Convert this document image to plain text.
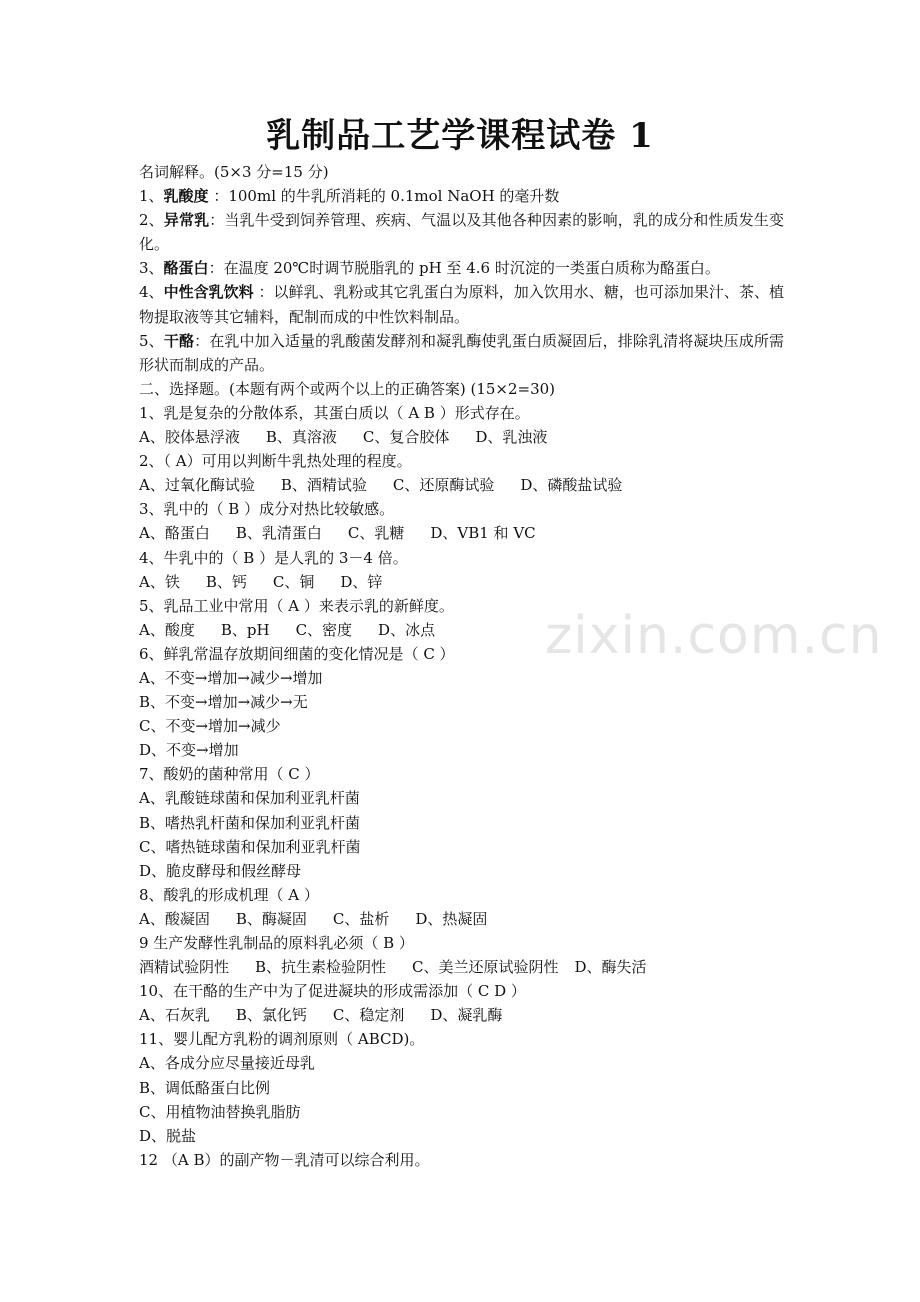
乳制品工艺学课程试卷 1
名词解释。(5×3 分=15 分)
1、乳酸度 ：100ml 的牛乳所消耗的 0.1mol NaOH 的毫升数
2、异常乳：当乳牛受到饲养管理、疾病、气温以及其他各种因素的影响，乳的成分和性质发生变化。
3、酪蛋白：在温度 20℃时调节脱脂乳的 pH 至 4.6 时沉淀的一类蛋白质称为酪蛋白。
4、中性含乳饮料 ：以鲜乳、乳粉或其它乳蛋白为原料，加入饮用水、糖，也可添加果汁、茶、植物提取液等其它辅料，配制而成的中性饮料制品。
5、干酪：在乳中加入适量的乳酸菌发酵剂和凝乳酶使乳蛋白质凝固后，排除乳清将凝块压成所需形状而制成的产品。
二、选择题。(本题有两个或两个以上的正确答案) (15×2=30)
1、乳是复杂的分散体系，其蛋白质以（ A B ）形式存在。
A、胶体悬浮液 B、真溶液 C、复合胶体 D、乳浊液
2、（ A）可用以判断牛乳热处理的程度。
A、过氧化酶试验 B、酒精试验 C、还原酶试验 D、磷酸盐试验
3、乳中的（ B ）成分对热比较敏感。
A、酪蛋白 B、乳清蛋白 C、乳糖 D、VB1 和 VC
4、牛乳中的（ B ）是人乳的 3－4 倍。
A、铁 B、钙 C、铜 D、锌
5、乳品工业中常用（ A ）来表示乳的新鲜度。
A、酸度 B、pH C、密度 D、冰点
6、鲜乳常温存放期间细菌的变化情况是（ C ）
A、不变→增加→减少→增加
B、不变→增加→减少→无
C、不变→增加→减少
D、不变→增加
7、酸奶的菌种常用（ C ）
A、乳酸链球菌和保加利亚乳杆菌
B、嗜热乳杆菌和保加利亚乳杆菌
C、嗜热链球菌和保加利亚乳杆菌
D、脆皮酵母和假丝酵母
8、酸乳的形成机理（ A ）
A、酸凝固 B、酶凝固 C、盐析 D、热凝固
9 生产发酵性乳制品的原料乳必须（ B ）
酒精试验阴性 B、抗生素检验阴性 C、美兰还原试验阴性 D、酶失活
10、在干酪的生产中为了促进凝块的形成需添加（ C D ）
A、石灰乳 B、氯化钙 C、稳定剂 D、凝乳酶
11、婴儿配方乳粉的调剂原则（ ABCD)。
A、各成分应尽量接近母乳
B、调低酪蛋白比例
C、用植物油替换乳脂肪
D、脱盐
12 （A B）的副产物－乳清可以综合利用。
zixin.com.cn
